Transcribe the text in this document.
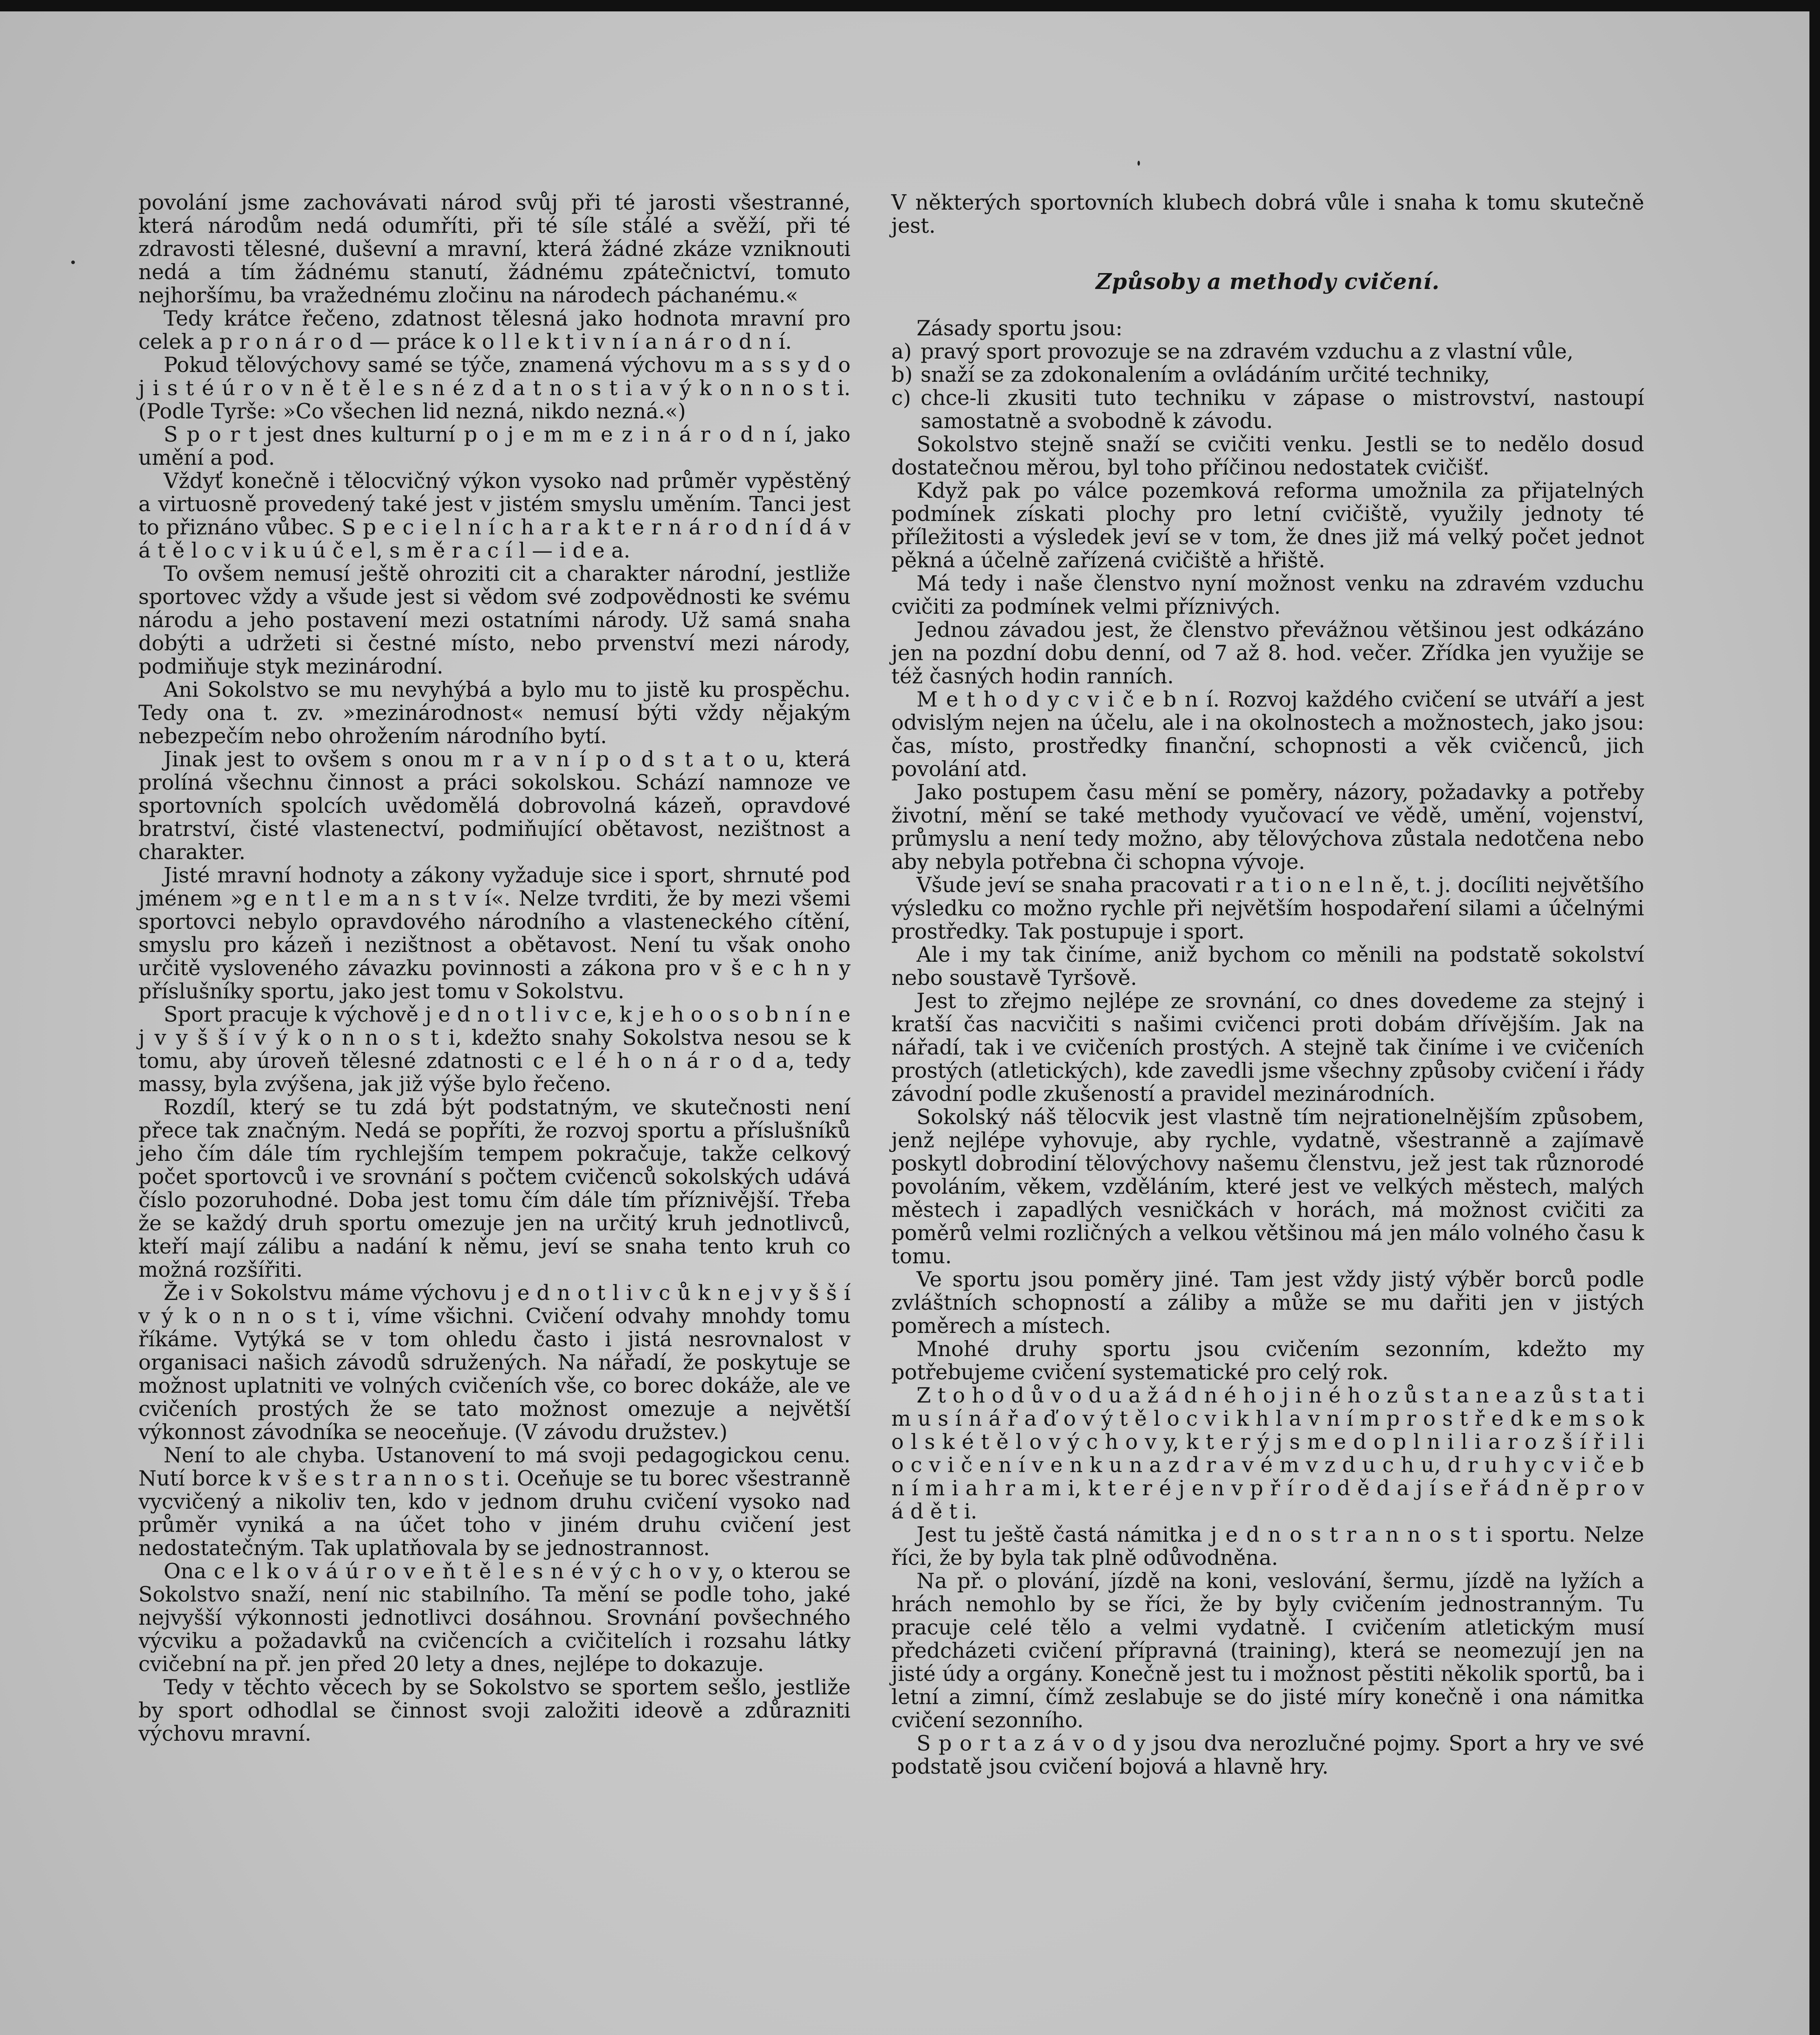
povolání jsme zachovávati národ svůj při té jarosti všestranné, která národům nedá odumříti, při té síle stálé a svěží, při té zdravosti tělesné, duševní a mravní, která žádné zkáze vzniknouti nedá a tím žádnému stanutí, žádnému zpátečnictví, tomuto nejhoršímu, ba vražednému zločinu na národech páchanému.«

Tedy krátce řečeno, zdatnost tělesná jako hodnota mravní pro celek a p r o n á r o d — práce k o l l e k t i v n í a n á r o d n í.

Pokud tělovýchovy samé se týče, znamená výchovu m a s s y d o j i s t é ú r o v n ě t ě l e s n é z d a t n o s t i a v ý k o n n o s t i. (Podle Tyrše: »Co všechen lid nezná, nikdo nezná.«)

S p o r t jest dnes kulturní p o j e m m e z i n á r o d n í, jako umění a pod.

Vždyť konečně i tělocvičný výkon vysoko nad průměr vypěstěný a virtuosně provedený také jest v jistém smyslu uměním. Tanci jest to přiznáno vůbec. S p e c i e l n í c h a r a k t e r n á r o d n í d á v á t ě l o c v i k u ú č e l, s m ě r a c í l — i d e a.

To ovšem nemusí ještě ohroziti cit a charakter národní, jestliže sportovec vždy a všude jest si vědom své zodpovědnosti ke svému národu a jeho postavení mezi ostatními národy. Už samá snaha dobýti a udržeti si čestné místo, nebo prvenství mezi národy, podmiňuje styk mezinárodní.

Ani Sokolstvo se mu nevyhýbá a bylo mu to jistě ku prospěchu. Tedy ona t. zv. »mezinárodnost« nemusí býti vždy nějakým nebezpečím nebo ohrožením národního bytí.

Jinak jest to ovšem s onou m r a v n í p o d s t a t o u, která prolíná všechnu činnost a práci sokolskou. Schází namnoze ve sportovních spolcích uvědomělá dobrovolná kázeň, opravdové bratrství, čisté vlastenectví, podmiňující obětavost, nezištnost a charakter.

Jisté mravní hodnoty a zákony vyžaduje sice i sport, shrnuté pod jménem »g e n t l e m a n s t v í«. Nelze tvrditi, že by mezi všemi sportovci nebylo opravdového národního a vlasteneckého cítění, smyslu pro kázeň i nezištnost a obětavost. Není tu však onoho určitě vysloveného závazku povinnosti a zákona pro v š e c h n y příslušníky sportu, jako jest tomu v Sokolstvu.

Sport pracuje k výchově j e d n o t l i v c e, k j e h o o s o b n í n e j v y š š í v ý k o n n o s t i, kdežto snahy Sokolstva nesou se k tomu, aby úroveň tělesné zdatnosti c e l é h o n á r o d a, tedy massy, byla zvýšena, jak již výše bylo řečeno.

Rozdíl, který se tu zdá být podstatným, ve skutečnosti není přece tak značným. Nedá se popříti, že rozvoj sportu a příslušníků jeho čím dále tím rychlejším tempem pokračuje, takže celkový počet sportovců i ve srovnání s počtem cvičenců sokolských udává číslo pozoruhodné. Doba jest tomu čím dále tím příznivější. Třeba že se každý druh sportu omezuje jen na určitý kruh jednotlivců, kteří mají zálibu a nadání k němu, jeví se snaha tento kruh co možná rozšířiti.

Že i v Sokolstvu máme výchovu j e d n o t l i v c ů k n e j v y š š í v ý k o n n o s t i, víme všichni. Cvičení odvahy mnohdy tomu říkáme. Vytýká se v tom ohledu často i jistá nesrovnalost v organisaci našich závodů sdružených. Na nářadí, že poskytuje se možnost uplatniti ve volných cvičeních vše, co borec dokáže, ale ve cvičeních prostých že se tato možnost omezuje a největší výkonnost závodníka se neoceňuje. (V závodu družstev.)

Není to ale chyba. Ustanovení to má svoji pedagogickou cenu. Nutí borce k v š e s t r a n n o s t i. Oceňuje se tu borec všestranně vycvičený a nikoliv ten, kdo v jednom druhu cvičení vysoko nad průměr vyniká a na účet toho v jiném druhu cvičení jest nedostatečným. Tak uplatňovala by se jednostrannost.

Ona c e l k o v á ú r o v e ň t ě l e s n é v ý c h o v y, o kterou se Sokolstvo snaží, není nic stabilního. Ta mění se podle toho, jaké nejvyšší výkonnosti jednotlivci dosáhnou. Srovnání povšechného výcviku a požadavků na cvičencích a cvičitelích i rozsahu látky cvičební na př. jen před 20 lety a dnes, nejlépe to dokazuje.

Tedy v těchto věcech by se Sokolstvo se sportem sešlo, jestliže by sport odhodlal se činnost svoji založiti ideově a zdůrazniti výchovu mravní.

V některých sportovních klubech dobrá vůle i snaha k tomu skutečně jest.

Způsoby a methody cvičení.

Zásady sportu jsou:

a) pravý sport provozuje se na zdravém vzduchu a z vlastní vůle,
b) snaží se za zdokonalením a ovládáním určité techniky,
c) chce-li zkusiti tuto techniku v zápase o mistrovství, nastoupí samostatně a svobodně k závodu.

Sokolstvo stejně snaží se cvičiti venku. Jestli se to nedělo dosud dostatečnou měrou, byl toho příčinou nedostatek cvičišť.

Když pak po válce pozemková reforma umožnila za přijatelných podmínek získati plochy pro letní cvičiště, využily jednoty té příležitosti a výsledek jeví se v tom, že dnes již má velký počet jednot pěkná a účelně zařízená cvičiště a hřiště.

Má tedy i naše členstvo nyní možnost venku na zdravém vzduchu cvičiti za podmínek velmi příznivých.

Jednou závadou jest, že členstvo převážnou většinou jest odkázáno jen na pozdní dobu denní, od 7 až 8. hod. večer. Zřídka jen využije se též časných hodin ranních.

M e t h o d y c v i č e b n í. Rozvoj každého cvičení se utváří a jest odvislým nejen na účelu, ale i na okolnostech a možnostech, jako jsou: čas, místo, prostředky finanční, schopnosti a věk cvičenců, jich povolání atd.

Jako postupem času mění se poměry, názory, požadavky a potřeby životní, mění se také methody vyučovací ve vědě, umění, vojenství, průmyslu a není tedy možno, aby tělovýchova zůstala nedotčena nebo aby nebyla potřebna či schopna vývoje.

Všude jeví se snaha pracovati r a t i o n e l n ě, t. j. docíliti největšího výsledku co možno rychle při největším hospodaření silami a účelnými prostředky. Tak postupuje i sport.

Ale i my tak činíme, aniž bychom co měnili na podstatě sokolství nebo soustavě Tyršově.

Jest to zřejmo nejlépe ze srovnání, co dnes dovedeme za stejný i kratší čas nacvičiti s našimi cvičenci proti dobám dřívějším. Jak na nářadí, tak i ve cvičeních prostých. A stejně tak činíme i ve cvičeních prostých (atletických), kde zavedli jsme všechny způsoby cvičení i řády závodní podle zkušeností a pravidel mezinárodních.

Sokolský náš tělocvik jest vlastně tím nejrationelnějším způsobem, jenž nejlépe vyhovuje, aby rychle, vydatně, všestranně a zajímavě poskytl dobrodiní tělovýchovy našemu členstvu, jež jest tak různorodé povoláním, věkem, vzděláním, které jest ve velkých městech, malých městech i zapadlých vesničkách v horách, má možnost cvičiti za poměrů velmi rozličných a velkou většinou má jen málo volného času k tomu.

Ve sportu jsou poměry jiné. Tam jest vždy jistý výběr borců podle zvláštních schopností a záliby a může se mu dařiti jen v jistých poměrech a místech.

Mnohé druhy sportu jsou cvičením sezonním, kdežto my potřebujeme cvičení systematické pro celý rok.

Z t o h o d ů v o d u a ž á d n é h o j i n é h o z ů s t a n e a z ů s t a t i m u s í n á ř a ď o v ý t ě l o c v i k h l a v n í m p r o s t ř e d k e m s o k o l s k é t ě l o v ý c h o v y, k t e r ý j s m e d o p l n i l i a r o z š í ř i l i o c v i č e n í v e n k u n a z d r a v é m v z d u c h u, d r u h y c v i č e b n í m i a h r a m i, k t e r é j e n v p ř í r o d ě d a j í s e ř á d n ě p r o v á d ě t i.

Jest tu ještě častá námitka j e d n o s t r a n n o s t i sportu. Nelze říci, že by byla tak plně odůvodněna.

Na př. o plování, jízdě na koni, veslování, šermu, jízdě na lyžích a hrách nemohlo by se říci, že by byly cvičením jednostranným. Tu pracuje celé tělo a velmi vydatně. I cvičením atletickým musí předcházeti cvičení přípravná (training), která se neomezují jen na jisté údy a orgány. Konečně jest tu i možnost pěstiti několik sportů, ba i letní a zimní, čímž zeslabuje se do jisté míry konečně i ona námitka cvičení sezonního.

S p o r t a z á v o d y jsou dva nerozlučné pojmy. Sport a hry ve své podstatě jsou cvičení bojová a hlavně hry.
